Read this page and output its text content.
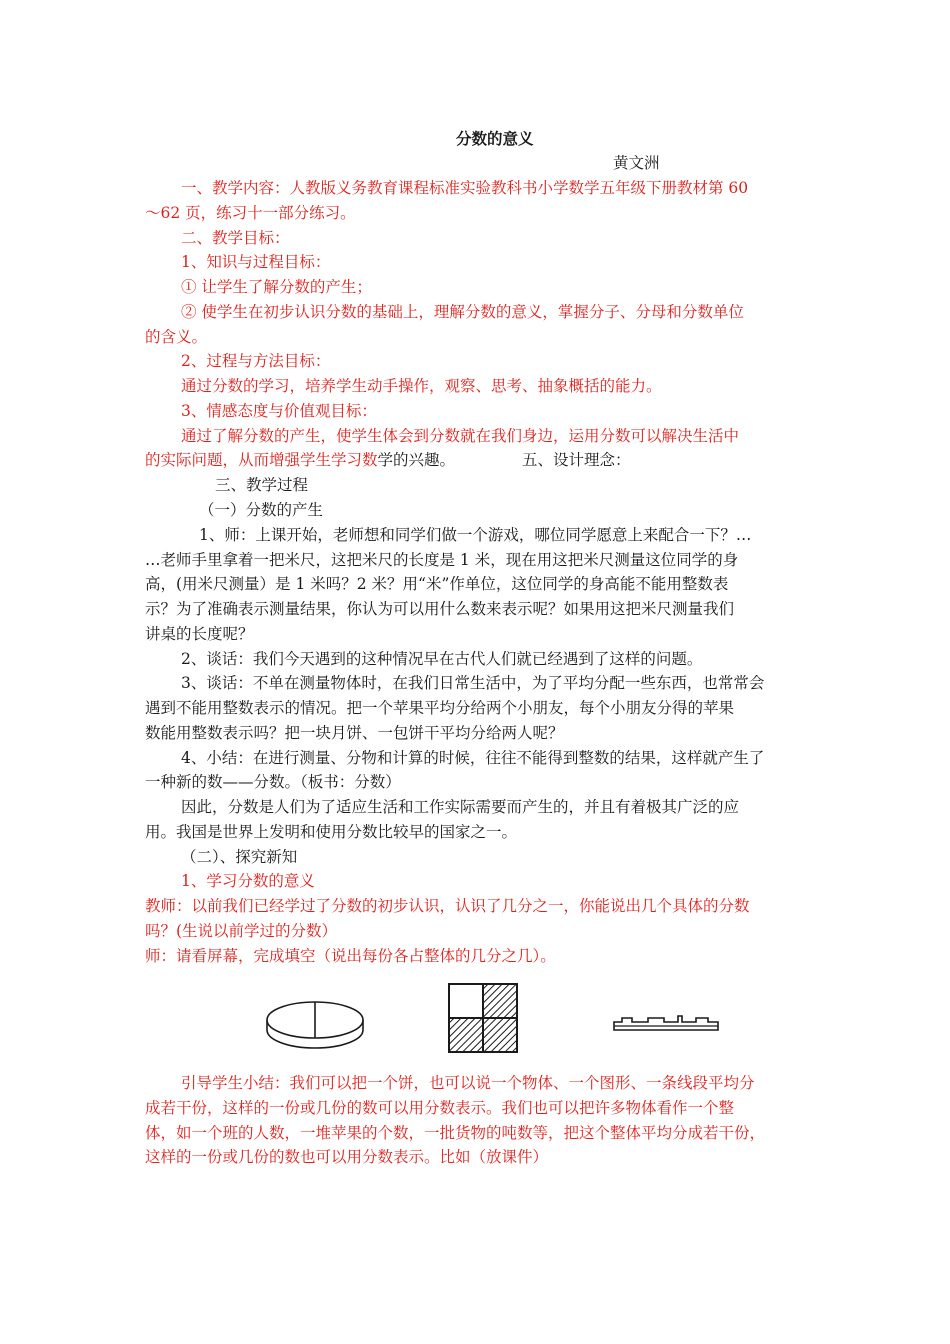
分数的意义
黄文洲
一、教学内容：人教版义务教育课程标准实验教科书小学数学五年级下册教材第 60
～62 页，练习十一部分练习。
二、教学目标：
1、知识与过程目标：
① 让学生了解分数的产生；
② 使学生在初步认识分数的基础上，理解分数的意义，掌握分子、分母和分数单位
的含义。
2、过程与方法目标：
通过分数的学习，培养学生动手操作，观察、思考、抽象概括的能力。
3、情感态度与价值观目标：
通过了解分数的产生，使学生体会到分数就在我们身边，运用分数可以解决生活中
的实际问题，从而增强学生学习数学的兴趣。	五、设计理念：
三、教学过程
（一）分数的产生
1、师：上课开始，老师想和同学们做一个游戏，哪位同学愿意上来配合一下？…
…老师手里拿着一把米尺，这把米尺的长度是 1 米，现在用这把米尺测量这位同学的身
高，(用米尺测量）是 1 米吗？2 米？用“米”作单位，这位同学的身高能不能用整数表
示？为了准确表示测量结果，你认为可以用什么数来表示呢？如果用这把米尺测量我们
讲桌的长度呢？
2、谈话：我们今天遇到的这种情况早在古代人们就已经遇到了这样的问题。
3、谈话：不单在测量物体时，在我们日常生活中，为了平均分配一些东西，也常常会
遇到不能用整数表示的情况。把一个苹果平均分给两个小朋友，每个小朋友分得的苹果
数能用整数表示吗？把一块月饼、一包饼干平均分给两人呢？
4、小结：在进行测量、分物和计算的时候，往往不能得到整数的结果，这样就产生了
一种新的数——分数。（板书：分数）
因此，分数是人们为了适应生活和工作实际需要而产生的，并且有着极其广泛的应
用。我国是世界上发明和使用分数比较早的国家之一。
（二）、探究新知
1、学习分数的意义
教师：以前我们已经学过了分数的初步认识，认识了几分之一，你能说出几个具体的分数
吗？(生说以前学过的分数）
师：请看屏幕，完成填空（说出每份各占整体的几分之几）。
引导学生小结：我们可以把一个饼，也可以说一个物体、一个图形、一条线段平均分
成若干份，这样的一份或几份的数可以用分数表示。我们也可以把许多物体看作一个整
体，如一个班的人数，一堆苹果的个数，一批货物的吨数等，把这个整体平均分成若干份，
这样的一份或几份的数也可以用分数表示。比如（放课件）
